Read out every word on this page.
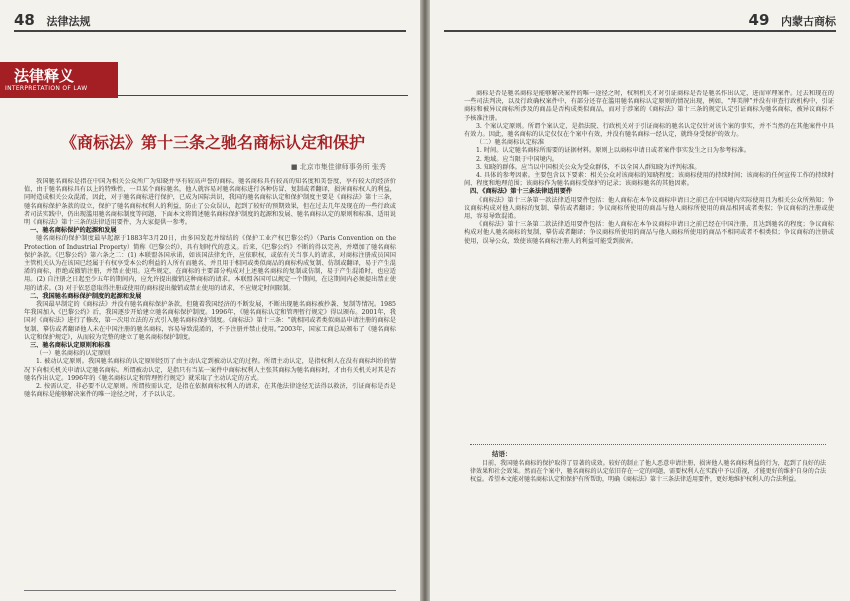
48 法律法规
法律释义
INTERPRETATION OF LAW
《商标法》第十三条之驰名商标认定和保护
■ 北京市集佳律师事务所 张秀

我国驰名商标是指在中国为相关公众所广为知晓并享有较高声誉的商标。驰名商标具有较高的知名度和美誉度，享有较大的经济价值，由于驰名商标具有以上的特殊性，一旦某个商标驰名，他人就容易对驰名商标进行各种仿冒、复制或者翻译，损害商标权人的利益，同时造成相关公众混淆，因此，对于驰名商标进行保护，已成为国际共识，我国的驰名商标认定和保护制度主要是《商标法》第十三条，驰名商标保护条款的设立，保护了驰名商标权利人的利益，防止了公众误认，起到了较好的预期效果，但在过去几年及现在的一些行政或者司法实践中，仍出现滥用驰名商标制度等问题，下面本文将简述驰名商标保护制度的起源和发展、驰名商标认定的原则和标准、适用说明《商标法》第十三条的法律适用要件，为大家提供一参考。

一、驰名商标保护的起源和发展

驰名商标的保护制度最早起源于1883年3月20日，由多国发起并缔结的《保护工业产权巴黎公约》（Paris Convention on the Protection of Industrial Property）简称《巴黎公约》，具有划时代的意义。后来，《巴黎公约》不断的得以完善，并增加了驰名商标保护条款。《巴黎公约》第六条之二：(1) 本联盟各国承诺，如该国法律允许，应依职权，或依有关当事人的请求，对商标注册成员国国主管机关认为在该国已经属于有权享受本公约利益的人所有而驰名、并且用于相同或类似商品的商标构成复制、仿制或翻译，易于产生混淆的商标，拒绝或撤销注册，并禁止使用。这些规定，在商标的主要部分构成对上述驰名商标的复制或仿制，易于产生混淆时，也应适用。(2) 自注册之日起至少五年的期间内，应允许提出撤销这种商标的请求。本联盟各国可以规定一个期间，在这期间内必须提出禁止使用的请求。(3) 对于依恶意取得注册或使用的商标提出撤销或禁止使用的请求，不应规定时间限制。

二、我国驰名商标保护制度的起源和发展

我国最早制定的《商标法》并没有驰名商标保护条款，但随着我国经济的不断发展，不断出现驰名商标被抄袭、复制等情况。1985年我国加入《巴黎公约》后，我国逐步开始建立驰名商标保护制度。1996年，《驰名商标认定和管理暂行规定》得以颁布。2001年，我国对《商标法》进行了修改，第一次用立法的方式引入驰名商标保护制度。《商标法》第十三条：“就相同或者类似商品申请注册的商标是复制、摹仿或者翻译他人未在中国注册的驰名商标，容易导致混淆的，不予注册并禁止使用。”2003年，国家工商总局颁布了《驰名商标认定和保护规定》，从而较为完整的建立了驰名商标保护制度。

三、驰名商标认定原则和标准

（一）驰名商标的认定原则

1. 被动认定原则。我国驰名商标的认定原则经历了由主动认定到被动认定的过程。所谓主动认定，是指权利人在没有商标纠纷的情况下向相关机关申请认定驰名商标。所谓被动认定，是指只有当某一案件中商标权利人主张其商标为驰名商标时，才由有关机关对其是否驰名作出认定。1996年的《驰名商标认定和管理暂行规定》就采取了主动认定的方式。

2. 按需认定，非必要不认定原则。所谓按需认定，是指在依据商标权利人的请求，在其他法律途径无法得以救济，引证商标是否是驰名商标是能够解决案件的唯一途径之时，才予以认定。

49 内蒙古商标

商标是否是驰名商标是能够解决案件的唯一途径之时，权利机关才对引证商标是否是驰名作出认定，进而审理案件。过去和现在的一些司法判决，以及行政确权案件中，有部分还存在滥用驰名商标认定原则的情况出现，例如，“拜美牌”并没有审查行政机构中，引证商标和被异议商标所涉及的商品是否构成类似商品，而对于涉案的《商标法》第十三条的规定认定引证商标为驰名商标，被异议商标不予核准注册。

3. 个案认定原则。所谓个案认定，是指法院、行政机关对于引证商标的驰名认定仅针对该个案的事实，并不当然的在其他案件中具有效力。因此，驰名商标的认定仅仅在个案中有效，并没有驰名商标一经认定，就终身受保护的效力。

（二）驰名商标认定标准

1. 时间。认定驰名商标所需要的证据材料。原则上以商标申请日或者案件事实发生之日为参考标准。

2. 地域。应当限于中国境内。

3. 知晓的群体。应当以中国相关公众为受众群体，不以全国人群知晓为评判标准。

4. 具体的参考因素。主要包含以下要素：相关公众对该商标的知晓程度；该商标使用的持续时间；该商标的任何宣传工作的持续时间、程度和地理范围；该商标作为驰名商标受保护的记录；该商标驰名的其他因素。

四、《商标法》第十三条法律适用要件

《商标法》第十三条第一款法律适用要件包括：他人商标在本争议商标申请日之前已在中国境内实际使用且为相关公众所熟知；争议商标构成对他人商标的复制、摹仿或者翻译；争议商标所使用的商品与他人商标所使用的商品相同或者类似；争议商标的注册或使用，容易导致混淆。

《商标法》第十三条第二款法律适用要件包括：他人商标在本争议商标申请日之前已经在中国注册，且达到驰名的程度；争议商标构成对他人驰名商标的复制、摹仿或者翻译；争议商标所使用的商品与他人商标所使用的商品不相同或者不相类似；争议商标的注册或使用，误导公众，致使该驰名商标注册人的利益可能受到损害。

结语：

目前，我国驰名商标的保护取得了显著的成效。较好的制止了他人恶意申请注册，损害他人驰名商标利益的行为，起到了良好的法律效果和社会效果。然而在个案中，驰名商标的认定依旧存在一定的问题，需要权利人在实践中予以重视，才能更好的维护自身的合法权益。希望本文能对驰名商标认定和保护有所帮助，明确《商标法》第十三条法律适用要件，更好地维护权利人的合法利益。
